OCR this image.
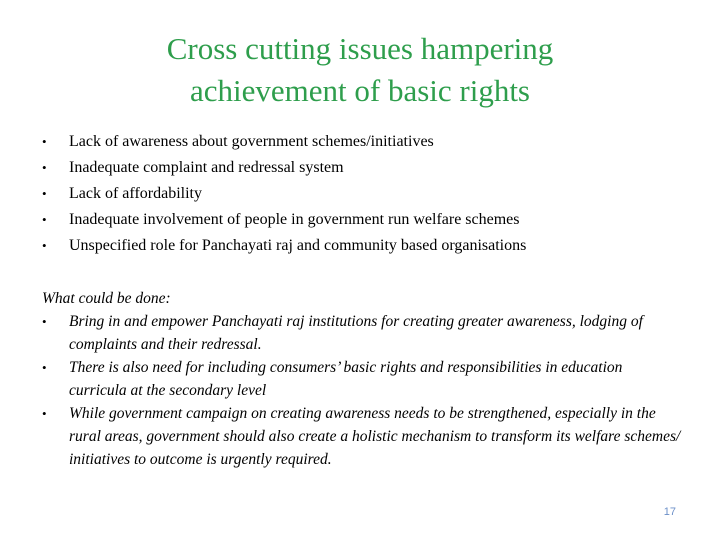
Cross cutting issues hampering
achievement of basic rights
•	Lack of awareness about government schemes/initiatives
•	Inadequate complaint and redressal system
•	Lack of affordability
•	Inadequate involvement of people in government run welfare schemes
•	Unspecified role for Panchayati raj and community based organisations
What could be done:
•	Bring in and empower Panchayati raj institutions for creating greater awareness, lodging of complaints and their redressal.
•	There is also need for including consumers’ basic rights and responsibilities in education curricula at the secondary level
•	While government campaign on creating awareness needs to be strengthened, especially in the rural areas, government should also create a holistic mechanism to transform its welfare schemes/ initiatives to outcome is urgently required.
17
